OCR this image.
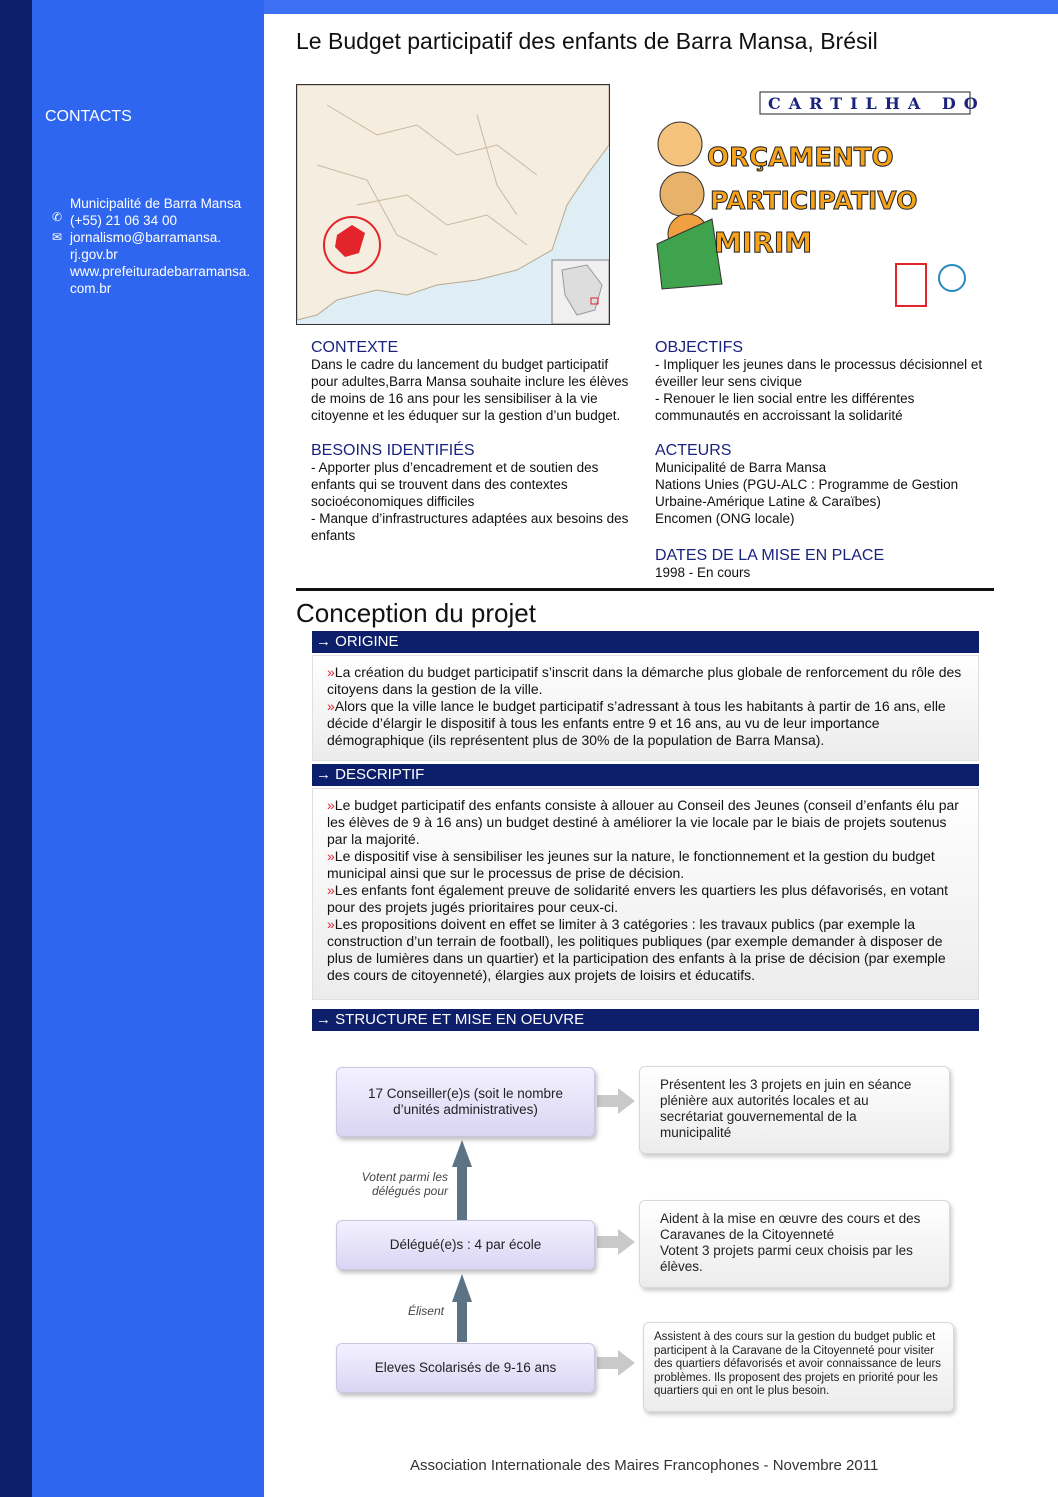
CONTACTS
✆
✉
Municipalité de Barra Mansa
(+55) 21 06 34 00
jornalismo@barramansa.
rj.gov.br
www.prefeituradebarramansa.
com.br
Le Budget participatif des enfants de Barra Mansa, Brésil
CARTILHA DO
ORÇAMENTO
PARTICIPATIVO
MIRIM
CONTEXTE
Dans le cadre du lancement du budget participatif pour adultes,Barra Mansa souhaite inclure les élèves de moins de 16 ans pour les sensibiliser à la vie citoyenne et les éduquer sur la gestion d’un budget.
BESOINS IDENTIFIÉS
- Apporter plus d’encadrement et de soutien des enfants qui se trouvent dans des contextes socioéconomiques difficiles
- Manque d’infrastructures adaptées aux besoins des enfants
OBJECTIFS
- Impliquer les jeunes dans le processus décisionnel et éveiller leur sens civique
- Renouer le lien social entre les différentes communautés en accroissant la solidarité
ACTEURS
Municipalité de Barra Mansa
Nations Unies (PGU-ALC : Programme de Gestion Urbaine-Amérique Latine & Caraïbes)
Encomen (ONG locale)
DATES DE LA MISE EN PLACE
1998 - En cours
Conception du projet
→ ORIGINE

»La création du budget participatif s’inscrit dans la démarche plus globale de renforcement du rôle des citoyens dans la gestion de la ville.

»Alors que la ville lance le budget participatif s’adressant à tous les habitants à partir de 16 ans, elle décide d’élargir le dispositif à tous les enfants entre 9 et 16 ans, au vu de leur importance démographique (ils représentent plus de 30% de la population de Barra Mansa).

→ DESCRIPTIF

»Le budget participatif des enfants consiste à allouer au Conseil des Jeunes (conseil d’enfants élu par les élèves de 9 à 16 ans) un budget destiné à améliorer la vie locale par le biais de projets soutenus par la majorité.

»Le dispositif vise à sensibiliser les jeunes sur la nature, le fonctionnement et la gestion du budget municipal ainsi que sur le processus de prise de décision.

»Les enfants font également preuve de solidarité envers les quartiers les plus défavorisés, en votant pour des projets jugés prioritaires pour ceux-ci.

»Les propositions doivent en effet se limiter à 3 catégories : les travaux publics (par exemple la construction d’un terrain de football), les politiques publiques (par exemple demander à disposer de plus de lumières dans un quartier) et la participation des enfants à la prise de décision (par exemple des cours de citoyenneté), élargies aux projets de loisirs et éducatifs.

→ STRUCTURE ET MISE EN OEUVRE
17 Conseiller(e)s (soit le nombre d’unités administratives)
Délégué(e)s : 4 par école
Eleves Scolarisés de 9-16 ans
Votent parmi les délégués pour
Élisent
Présentent les 3 projets en juin en séance plénière aux autorités locales et au secrétariat gouvernemental de la municipalité
Aident à la mise en œuvre des cours et des Caravanes de la Citoyenneté
Votent 3 projets parmi ceux choisis par les élèves.
Assistent à des cours sur la gestion du budget public et participent à la Caravane de la Citoyenneté pour visiter des quartiers défavorisés et avoir connaissance de leurs problèmes. Ils proposent des projets en priorité pour les quartiers qui en ont le plus besoin.
Association Internationale des Maires Francophones - Novembre 2011
